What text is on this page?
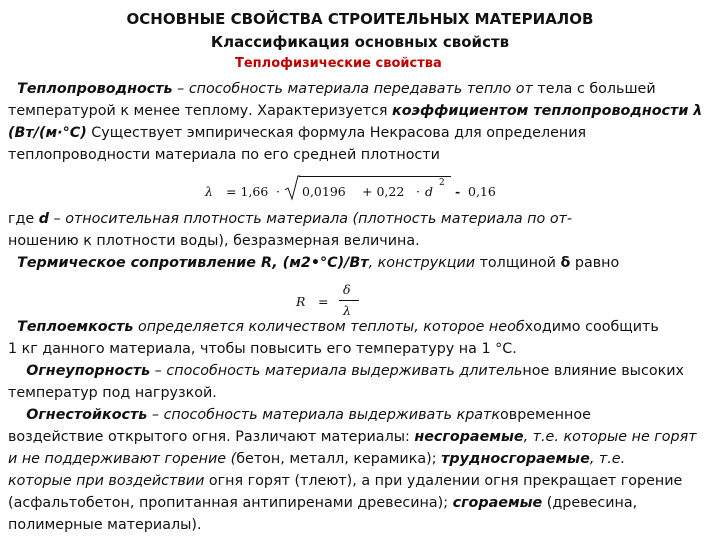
ОСНОВНЫЕ СВОЙСТВА СТРОИТЕЛЬНЫХ МАТЕРИАЛОВ
Классификация основных свойств
Теплофизические свойства
Теплопроводность – способность материала передавать тепло от тела с большей
температурой к менее теплому. Характеризуется коэффициентом теплопроводности λ
(Вт/(м·°С) Существует эмпирическая формула Некрасова для определения
теплопроводности материала по его средней плотности
λ = 1,66 · 0,0196 + 0,22 · d
2
- 0,16
где d – относительная плотность материала (плотность материала по от-
ношению к плотности воды), безразмерная величина.
Термическое сопротивление R, (м2•°С)/Вт, конструкции толщиной δ равно
R =
δ
λ
Теплоемкость определяется количеством теплоты, которое необходимо сообщить
1 кг данного материала, чтобы повысить его температуру на 1 °С.
Огнеупорность – способность материала выдерживать длительное влияние высоких
температур под нагрузкой.
Огнестойкость – способность материала выдерживать кратковременное
воздействие открытого огня. Различают материалы: несгораемые, т.е. которые не горят
и не поддерживают горение (бетон, металл, керамика); трудносгораемые, т.е.
которые при воздействии огня горят (тлеют), а при удалении огня прекращает горение
(асфальтобетон, пропитанная антипиренами древесина); сгораемые (древесина,
полимерные материалы).
